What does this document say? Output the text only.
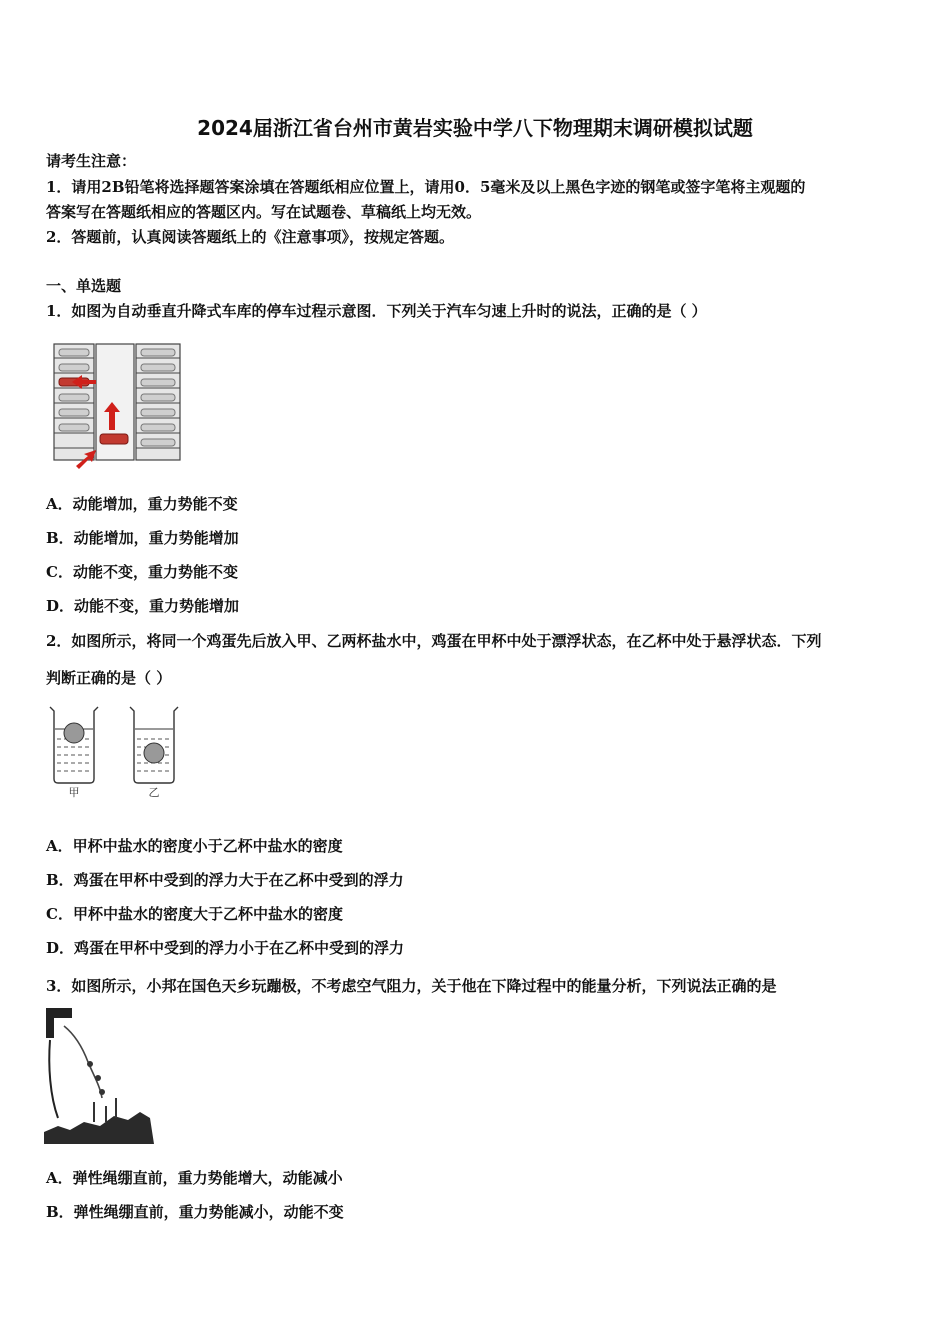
2024届浙江省台州市黄岩实验中学八下物理期末调研模拟试题
请考生注意：
1．请用2B铅笔将选择题答案涂填在答题纸相应位置上，请用0．5毫米及以上黑色字迹的钢笔或签字笔将主观题的
答案写在答题纸相应的答题区内。写在试题卷、草稿纸上均无效。
2．答题前，认真阅读答题纸上的《注意事项》，按规定答题。
一、单选题
1．如图为自动垂直升降式车库的停车过程示意图．下列关于汽车匀速上升时的说法，正确的是（ ）
A．动能增加，重力势能不变
B．动能增加，重力势能增加
C．动能不变，重力势能不变
D．动能不变，重力势能增加
2．如图所示，将同一个鸡蛋先后放入甲、乙两杯盐水中，鸡蛋在甲杯中处于漂浮状态，在乙杯中处于悬浮状态．下列
判断正确的是（ ）
甲	乙
A．甲杯中盐水的密度小于乙杯中盐水的密度
B．鸡蛋在甲杯中受到的浮力大于在乙杯中受到的浮力
C．甲杯中盐水的密度大于乙杯中盐水的密度
D．鸡蛋在甲杯中受到的浮力小于在乙杯中受到的浮力
3．如图所示，小邦在国色天乡玩蹦极，不考虑空气阻力，关于他在下降过程中的能量分析，下列说法正确的是
A．弹性绳绷直前，重力势能增大，动能减小
B．弹性绳绷直前，重力势能减小，动能不变
